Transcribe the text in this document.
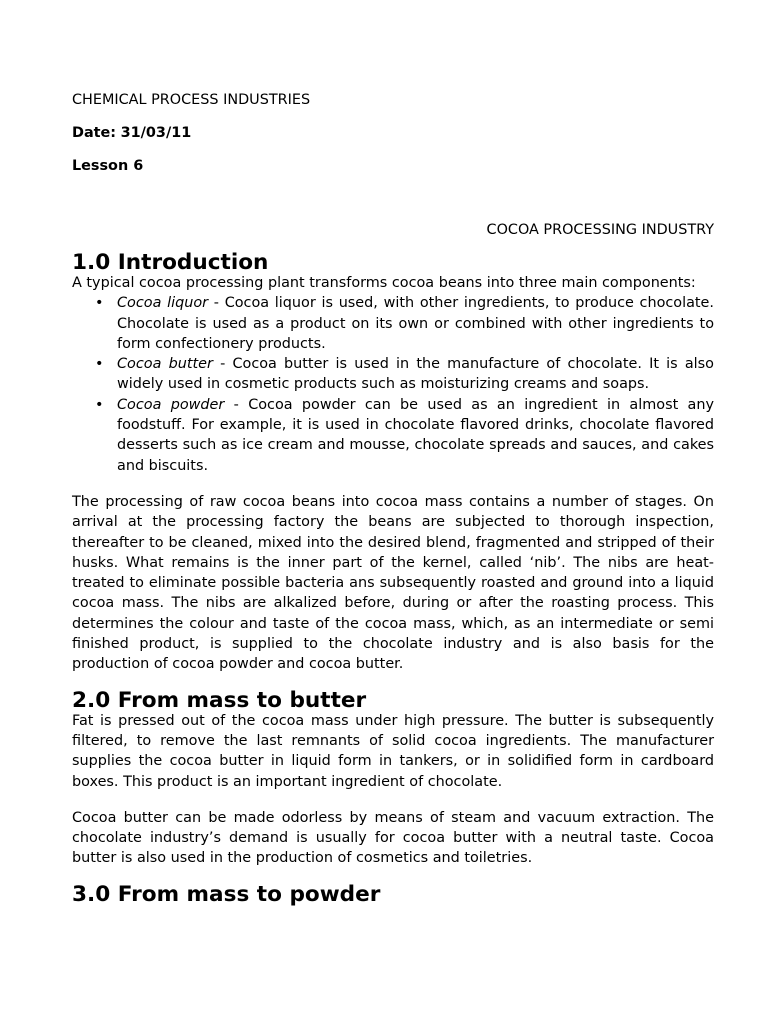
CHEMICAL PROCESS INDUSTRIES

Date: 31/03/11

Lesson 6

COCOA PROCESSING INDUSTRY

1.0 Introduction

A typical cocoa processing plant transforms cocoa beans into three main components:

• Cocoa liquor - Cocoa liquor is used, with other ingredients, to produce chocolate. Chocolate is used as a product on its own or combined with other ingredients to form confectionery products.
• Cocoa butter - Cocoa butter is used in the manufacture of chocolate. It is also widely used in cosmetic products such as moisturizing creams and soaps.
• Cocoa powder - Cocoa powder can be used as an ingredient in almost any foodstuff. For example, it is used in chocolate flavored drinks, chocolate flavored desserts such as ice cream and mousse, chocolate spreads and sauces, and cakes and biscuits.

The processing of raw cocoa beans into cocoa mass contains a number of stages. On arrival at the processing factory the beans are subjected to thorough inspection, thereafter to be cleaned, mixed into the desired blend, fragmented and stripped of their husks. What remains is the inner part of the kernel, called ‘nib’. The nibs are heat-treated to eliminate possible bacteria ans subsequently roasted and ground into a liquid cocoa mass. The nibs are alkalized before, during or after the roasting process. This determines the colour and taste of the cocoa mass, which, as an intermediate or semi finished product, is supplied to the chocolate industry and is also basis for the production of cocoa powder and cocoa butter.

2.0 From mass to butter

Fat is pressed out of the cocoa mass under high pressure. The butter is subsequently filtered, to remove the last remnants of solid cocoa ingredients. The manufacturer supplies the cocoa butter in liquid form in tankers, or in solidified form in cardboard boxes. This product is an important ingredient of chocolate.

Cocoa butter can be made odorless by means of steam and vacuum extraction. The chocolate industry’s demand is usually for cocoa butter with a neutral taste. Cocoa butter is also used in the production of cosmetics and toiletries.

3.0 From mass to powder
